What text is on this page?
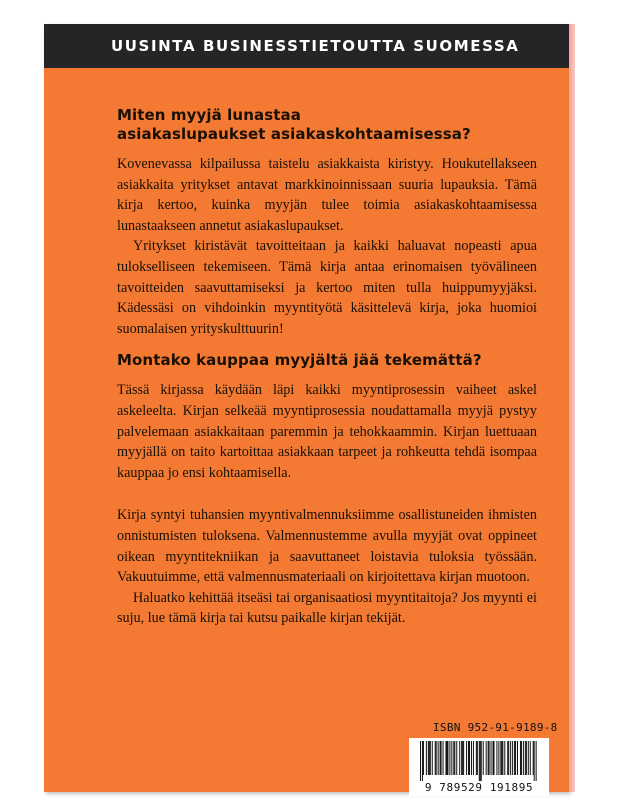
UUSINTA BUSINESSTIETOUTTA SUOMESSA
Miten myyjä lunastaa
asiakaslupaukset asiakaskohtaamisessa?

Kovenevassa kilpailussa taistelu asiakkaista kiristyy. Houkutellakseen asiakkaita yritykset antavat markkinoinnissaan suuria lupauksia. Tämä kirja kertoo, kuinka myyjän tulee toimia asiakaskohtaamisessa lunastaakseen annetut asiakaslupaukset.

Yritykset kiristävät tavoitteitaan ja kaikki haluavat nopeasti apua tulokselliseen tekemiseen. Tämä kirja antaa erinomaisen työvälineen tavoitteiden saavuttamiseksi ja kertoo miten tulla huippumyyjäksi. Kädessäsi on vihdoinkin myyntityötä käsittelevä kirja, joka huomioi suomalaisen yrityskulttuurin!

Montako kauppaa myyjältä jää tekemättä?

Tässä kirjassa käydään läpi kaikki myyntiprosessin vaiheet askel askeleelta. Kirjan selkeää myyntiprosessia noudattamalla myyjä pystyy palvelemaan asiakkaitaan paremmin ja tehokkaammin. Kirjan luettuaan myyjällä on taito kartoittaa asiakkaan tarpeet ja rohkeutta tehdä isompaa kauppaa jo ensi kohtaamisella.

Kirja syntyi tuhansien myyntivalmennuksiimme osallistuneiden ihmisten onnistumisten tuloksena. Valmennustemme avulla myyjät ovat oppineet oikean myyntitekniikan ja saavuttaneet loistavia tuloksia työssään. Vakuutuimme, että valmennusmateriaali on kirjoitettava kirjan muotoon.

Haluatko kehittää itseäsi tai organisaatiosi myyntitaitoja? Jos myynti ei suju, lue tämä kirja tai kutsu paikalle kirjan tekijät.

ISBN 952-91-9189-8
9 789529 191895
